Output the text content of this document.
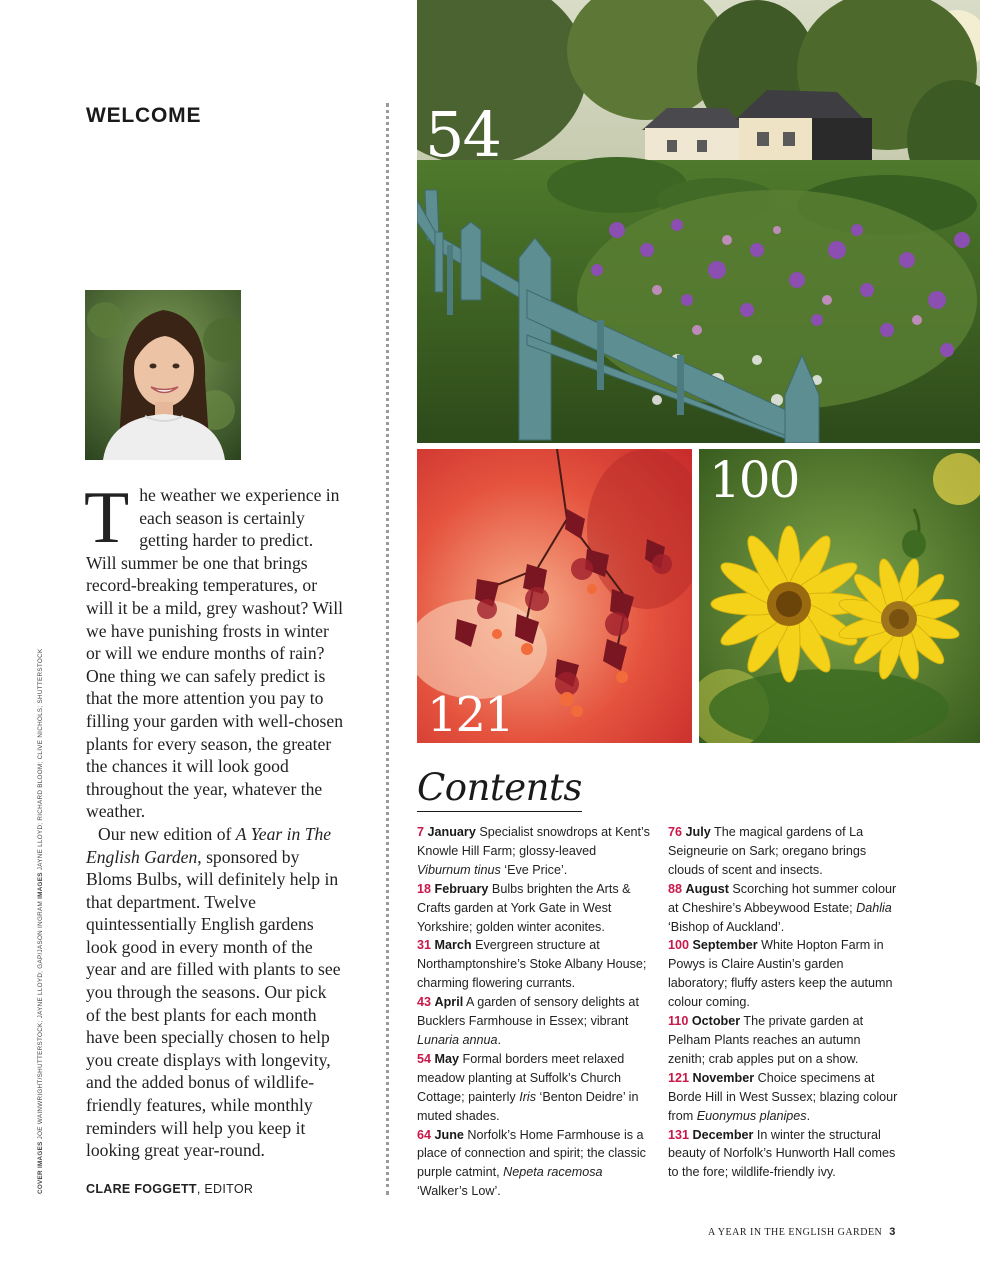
WELCOME

The weather we experience in each season is certainly getting harder to predict. Will summer be one that brings record-breaking temperatures, or will it be a mild, grey washout? Will we have punishing frosts in winter or will we endure months of rain? One thing we can safely predict is that the more attention you pay to filling your garden with well-chosen plants for every season, the greater the chances it will look good throughout the year, whatever the weather.

Our new edition of A Year in The English Garden, sponsored by Bloms Bulbs, will definitely help in that department. Twelve quintessentially English gardens look good in every month of the year and are filled with plants to see you through the seasons. Our pick of the best plants for each month have been specially chosen to help you create displays with longevity, and the added bonus of wildlife-friendly features, while monthly reminders will help you keep it looking great year-round.

CLARE FOGGETT, EDITOR
COVER IMAGES JOE WAINWRIGHT/SHUTTERSTOCK; JAYNE LLOYD; GAP/JASON INGRAM IMAGES JAYNE LLOYD; RICHARD BLOOM; CLIVE NICHOLS; SHUTTERSTOCK
54
121
100
Contents

7 January Specialist snowdrops at Kent’s Knowle Hill Farm; glossy-leaved Viburnum tinus ‘Eve Price’.

18 February Bulbs brighten the Arts & Crafts garden at York Gate in West Yorkshire; golden winter aconites.

31 March Evergreen structure at Northamptonshire’s Stoke Albany House; charming flowering currants.

43 April A garden of sensory delights at Bucklers Farmhouse in Essex; vibrant Lunaria annua.

54 May Formal borders meet relaxed meadow planting at Suffolk’s Church Cottage; painterly Iris ‘Benton Deidre’ in muted shades.

64 June Norfolk’s Home Farmhouse is a place of connection and spirit; the classic purple catmint, Nepeta racemosa ‘Walker’s Low’.

76 July The magical gardens of La Seigneurie on Sark; oregano brings clouds of scent and insects.

88 August Scorching hot summer colour at Cheshire’s Abbeywood Estate; Dahlia ‘Bishop of Auckland’.

100 September White Hopton Farm in Powys is Claire Austin’s garden laboratory; fluffy asters keep the autumn colour coming.

110 October The private garden at Pelham Plants reaches an autumn zenith; crab apples put on a show.

121 November Choice specimens at Borde Hill in West Sussex; blazing colour from Euonymus planipes.

131 December In winter the structural beauty of Norfolk’s Hunworth Hall comes to the fore; wildlife-friendly ivy.

A YEAR IN THE ENGLISH GARDEN 3
